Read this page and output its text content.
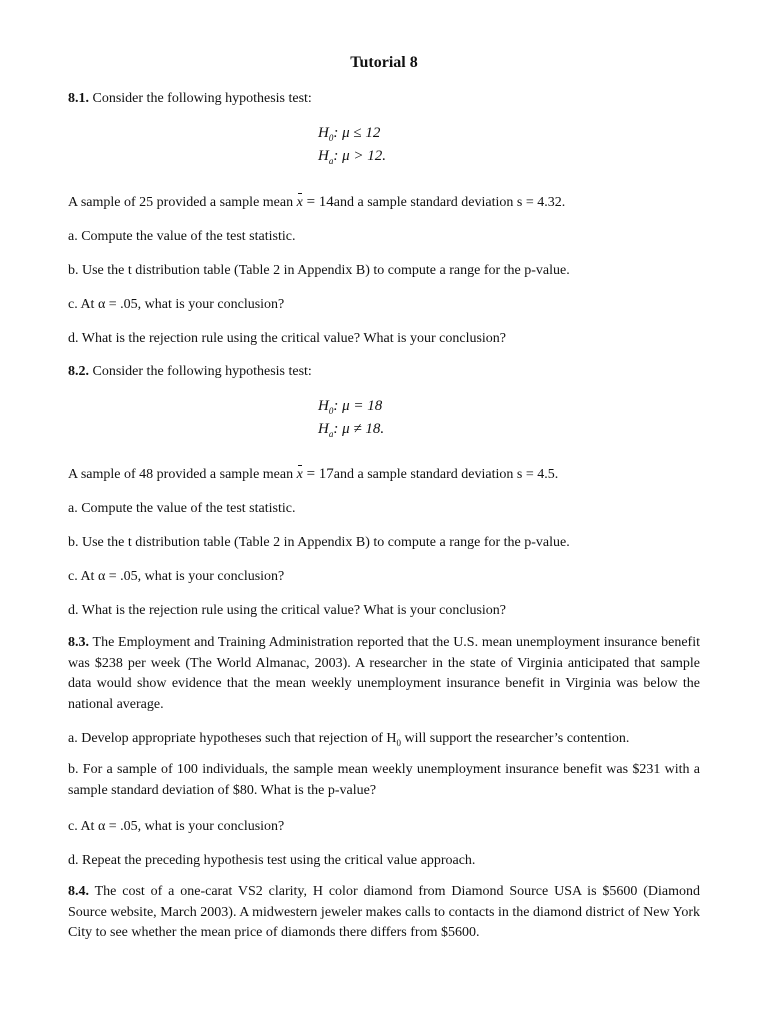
Tutorial 8
8.1. Consider the following hypothesis test:
$H_0$: μ ≤ 12
$H_a$: μ > 12.
A sample of 25 provided a sample mean x = 14and a sample standard deviation s = 4.32.
a. Compute the value of the test statistic.
b. Use the t distribution table (Table 2 in Appendix B) to compute a range for the p-value.
c. At α = .05, what is your conclusion?
d. What is the rejection rule using the critical value? What is your conclusion?
8.2. Consider the following hypothesis test:
$H_0$: μ = 18
$H_a$: μ ≠ 18.
A sample of 48 provided a sample mean x = 17and a sample standard deviation s = 4.5.
a. Compute the value of the test statistic.
b. Use the t distribution table (Table 2 in Appendix B) to compute a range for the p-value.
c. At α = .05, what is your conclusion?
d. What is the rejection rule using the critical value? What is your conclusion?
8.3. The Employment and Training Administration reported that the U.S. mean unemployment insurance benefit was $238 per week (The World Almanac, 2003). A researcher in the state of Virginia anticipated that sample data would show evidence that the mean weekly unemployment insurance benefit in Virginia was below the national average.
a. Develop appropriate hypotheses such that rejection of $H_0$ will support the researcher’s contention.
b. For a sample of 100 individuals, the sample mean weekly unemployment insurance benefit was $231 with a sample standard deviation of $80. What is the p-value?
c. At α = .05, what is your conclusion?
d. Repeat the preceding hypothesis test using the critical value approach.
8.4. The cost of a one-carat VS2 clarity, H color diamond from Diamond Source USA is $5600 (Diamond Source website, March 2003). A midwestern jeweler makes calls to contacts in the diamond district of New York City to see whether the mean price of diamonds there differs from $5600.
